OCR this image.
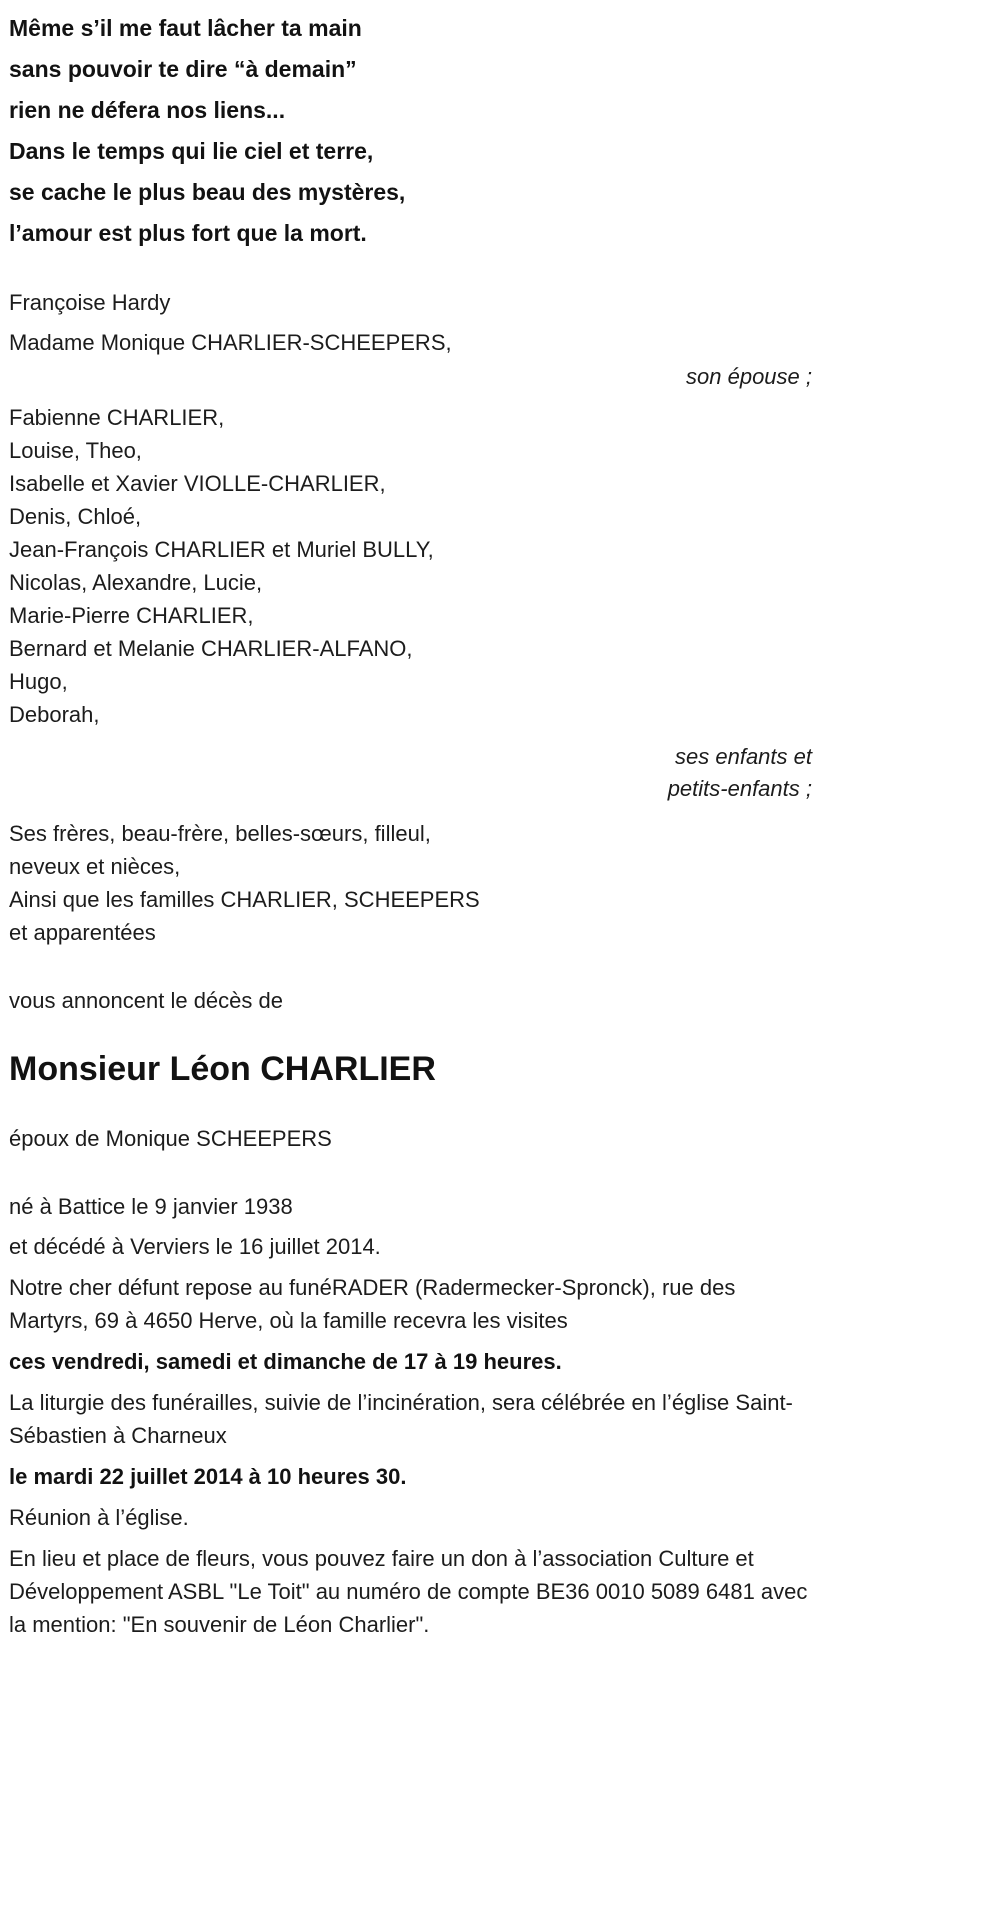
Même s’il me faut lâcher ta main
sans pouvoir te dire “à demain”
rien ne défera nos liens...
Dans le temps qui lie ciel et terre,
se cache le plus beau des mystères,
l’amour est plus fort que la mort.
Françoise Hardy
Madame Monique CHARLIER-SCHEEPERS,
son épouse ;
Fabienne CHARLIER,
Louise, Theo,
Isabelle et Xavier VIOLLE-CHARLIER,
Denis, Chloé,
Jean-François CHARLIER et Muriel BULLY,
Nicolas, Alexandre, Lucie,
Marie-Pierre CHARLIER,
Bernard et Melanie CHARLIER-ALFANO,
Hugo,
Deborah,
ses enfants et
petits-enfants ;
Ses frères, beau-frère, belles-sœurs, filleul,
neveux et nièces,
Ainsi que les familles CHARLIER, SCHEEPERS
et apparentées
vous annoncent le décès de
Monsieur Léon CHARLIER
époux de Monique SCHEEPERS
né à Battice le 9 janvier 1938
et décédé à Verviers le 16 juillet 2014.
Notre cher défunt repose au funéRADER (Radermecker-Spronck), rue des Martyrs, 69 à 4650 Herve, où la famille recevra les visites
ces vendredi, samedi et dimanche de 17 à 19 heures.
La liturgie des funérailles, suivie de l’incinération, sera célébrée en l’église Saint-Sébastien à Charneux
le mardi 22 juillet 2014 à 10 heures 30.
Réunion à l’église.
En lieu et place de fleurs, vous pouvez faire un don à l’association Culture et Développement ASBL "Le Toit" au numéro de compte BE36 0010 5089 6481 avec la mention: "En souvenir de Léon Charlier".
